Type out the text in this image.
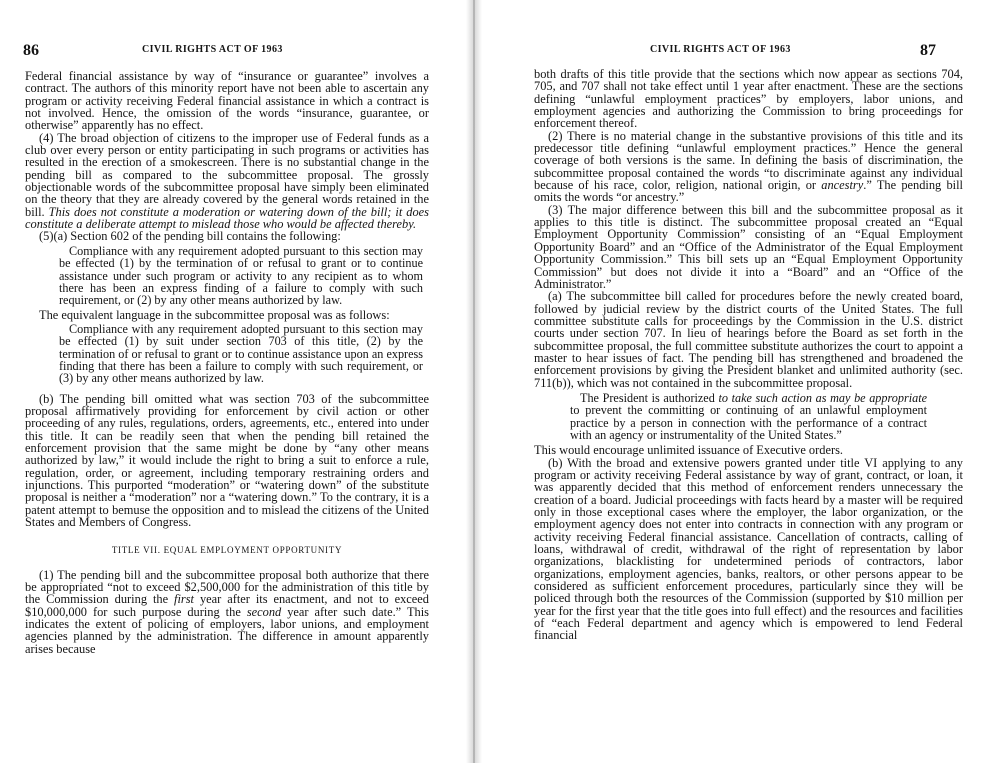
86	CIVIL RIGHTS ACT OF 1963

Federal financial assistance by way of “insurance or guarantee” involves a contract. The authors of this minority report have not been able to ascertain any program or activity receiving Federal financial assistance in which a contract is not involved. Hence, the omission of the words “insurance, guarantee, or otherwise” apparently has no effect.

(4) The broad objection of citizens to the improper use of Federal funds as a club over every person or entity participating in such programs or activities has resulted in the erection of a smokescreen. There is no substantial change in the pending bill as compared to the subcommittee proposal. The grossly objectionable words of the subcommittee proposal have simply been eliminated on the theory that they are already covered by the general words retained in the bill. This does not constitute a moderation or watering down of the bill; it does constitute a deliberate attempt to mislead those who would be affected thereby.

(5)(a) Section 602 of the pending bill contains the following:

Compliance with any requirement adopted pursuant to this section may be effected (1) by the termination of or refusal to grant or to continue assistance under such program or activity to any recipient as to whom there has been an express finding of a failure to comply with such requirement, or (2) by any other means authorized by law.

The equivalent language in the subcommittee proposal was as follows:

Compliance with any requirement adopted pursuant to this section may be effected (1) by suit under section 703 of this title, (2) by the termination of or refusal to grant or to continue assistance upon an express finding that there has been a failure to comply with such requirement, or (3) by any other means authorized by law.

(b) The pending bill omitted what was section 703 of the subcommittee proposal affirmatively providing for enforcement by civil action or other proceeding of any rules, regulations, orders, agreements, etc., entered into under this title. It can be readily seen that when the pending bill retained the enforcement provision that the same might be done by “any other means authorized by law,” it would include the right to bring a suit to enforce a rule, regulation, order, or agreement, including temporary restraining orders and injunctions. This purported “moderation” or “watering down” of the substitute proposal is neither a “moderation” nor a “watering down.” To the contrary, it is a patent attempt to bemuse the opposition and to mislead the citizens of the United States and Members of Congress.

TITLE VII. EQUAL EMPLOYMENT OPPORTUNITY

(1) The pending bill and the subcommittee proposal both authorize that there be appropriated “not to exceed $2,500,000 for the administration of this title by the Commission during the first year after its enactment, and not to exceed $10,000,000 for such purpose during the second year after such date.” This indicates the extent of policing of employers, labor unions, and employment agencies planned by the administration. The difference in amount apparently arises because

CIVIL RIGHTS ACT OF 1963	87

both drafts of this title provide that the sections which now appear as sections 704, 705, and 707 shall not take effect until 1 year after enactment. These are the sections defining “unlawful employment practices” by employers, labor unions, and employment agencies and authorizing the Commission to bring proceedings for enforcement thereof.

(2) There is no material change in the substantive provisions of this title and its predecessor title defining “unlawful employment practices.” Hence the general coverage of both versions is the same. In defining the basis of discrimination, the subcommittee proposal contained the words “to discriminate against any individual because of his race, color, religion, national origin, or ancestry.” The pending bill omits the words “or ancestry.”

(3) The major difference between this bill and the subcommittee proposal as it applies to this title is distinct. The subcommittee proposal created an “Equal Employment Opportunity Commission” consisting of an “Equal Employment Opportunity Board” and an “Office of the Administrator of the Equal Employment Opportunity Commission.” This bill sets up an “Equal Employment Opportunity Commission” but does not divide it into a “Board” and an “Office of the Administrator.”

(a) The subcommittee bill called for procedures before the newly created board, followed by judicial review by the district courts of the United States. The full committee substitute calls for proceedings by the Commission in the U.S. district courts under section 707. In lieu of hearings before the Board as set forth in the subcommittee proposal, the full committee substitute authorizes the court to appoint a master to hear issues of fact. The pending bill has strengthened and broadened the enforcement provisions by giving the President blanket and unlimited authority (sec. 711(b)), which was not contained in the subcommittee proposal.

The President is authorized to take such action as may be appropriate to prevent the committing or continuing of an unlawful employment practice by a person in connection with the performance of a contract with an agency or instrumentality of the United States.”

This would encourage unlimited issuance of Executive orders.

(b) With the broad and extensive powers granted under title VI applying to any program or activity receiving Federal assistance by way of grant, contract, or loan, it was apparently decided that this method of enforcement renders unnecessary the creation of a board. Judicial proceedings with facts heard by a master will be required only in those exceptional cases where the employer, the labor organization, or the employment agency does not enter into contracts in connection with any program or activity receiving Federal financial assistance. Cancellation of contracts, calling of loans, withdrawal of credit, withdrawal of the right of representation by labor organizations, blacklisting for undetermined periods of contractors, labor organizations, employment agencies, banks, realtors, or other persons appear to be considered as sufficient enforcement procedures, particularly since they will be policed through both the resources of the Commission (supported by $10 million per year for the first year that the title goes into full effect) and the resources and facilities of “each Federal department and agency which is empowered to lend Federal financial
